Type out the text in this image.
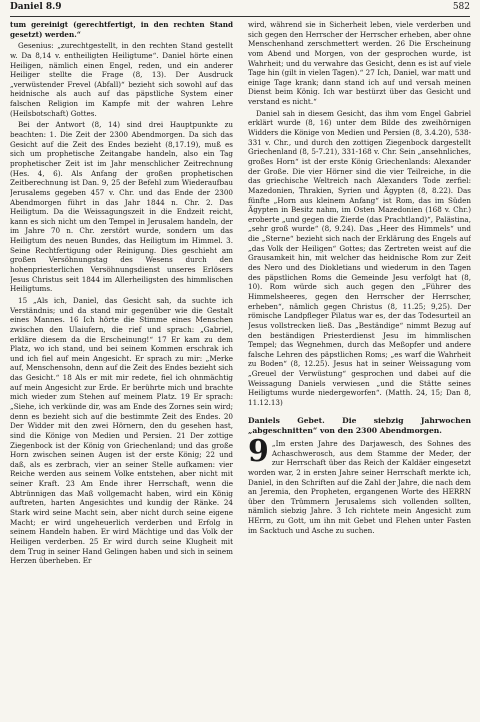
Daniel 8.9	582

tum gereinigt (gerechtfertigt, in den rechten Stand gesetzt) werden.“

Gesenius: „zurechtgestellt, in den rechten Stand gestellt w. Da 8,14 v. entheiligten Heiligtume“. Daniel hörte einen Heiligen, nämlich einen Engel, reden, und ein anderer Heiliger stellte die Frage (8, 13). Der Ausdruck „verwüstender Frevel (Abfall)“ bezieht sich sowohl auf das heidnische als auch auf das päpstliche System einer falschen Religion im Kampfe mit der wahren Lehre (Heilsbotschaft) Gottes.

Bei der Antwort (8, 14) sind drei Hauptpunkte zu beachten: 1. Die Zeit der 2300 Abendmorgen. Da sich das Gesicht auf die Zeit des Endes bezieht (8,17.19), muß es sich um prophetische Zeitangabe handeln, also ein Tag prophetischer Zeit ist im Jahr menschlicher Zeitrechnung (Hes. 4, 6). Als Anfang der großen prophetischen Zeitberechnung ist Dan. 9, 25 der Befehl zum Wiederaufbau Jerusalems gegeben 457 v. Chr. und das Ende der 2300 Abendmorgen führt in das Jahr 1844 n. Chr. 2. Das Heiligtum. Da die Weissagungszeit in die Endzeit reicht, kann es sich nicht um den Tempel in Jerusalem handeln, der im Jahre 70 n. Chr. zerstört wurde, sondern um das Heiligtum des neuen Bundes, das Heiligtum im Himmel. 3. Seine Rechtfertigung oder Reinigung. Dies geschieht am großen Versöhnungstag des Wesens durch den hohenpriesterlichen Versöhnungsdienst unseres Erlösers Jesus Christus seit 1844 im Allerheiligsten des himmlischen Heiligtums.

15 „Als ich, Daniel, das Gesicht sah, da suchte ich Verständnis; und da stand mir gegenüber wie die Gestalt eines Mannes. 16 Ich hörte die Stimme eines Menschen zwischen den Ulaiufern, die rief und sprach: „Gabriel, erkläre diesem da die Erscheinung!“ 17 Er kam zu dem Platz, wo ich stand, und bei seinem Kommen erschrak ich und ich fiel auf mein Angesicht. Er sprach zu mir: „Merke auf, Menschensohn, denn auf die Zeit des Endes bezieht sich das Gesicht.“ 18 Als er mit mir redete, fiel ich ohnmächtig auf mein Angesicht zur Erde. Er berührte mich und brachte mich wieder zum Stehen auf meinem Platz. 19 Er sprach: „Siehe, ich verkünde dir, was am Ende des Zornes sein wird; denn es bezieht sich auf die bestimmte Zeit des Endes. 20 Der Widder mit den zwei Hörnern, den du gesehen hast, sind die Könige von Medien und Persien. 21 Der zottige Ziegenbock ist der König von Griechenland; und das große Horn zwischen seinen Augen ist der erste König; 22 und daß, als es zerbrach, vier an seiner Stelle aufkamen: vier Reiche werden aus seinem Volke entstehen, aber nicht mit seiner Kraft. 23 Am Ende ihrer Herrschaft, wenn die Abtrünnigen das Maß vollgemacht haben, wird ein König auftreten, harten Angesichtes und kundig der Ränke. 24 Stark wird seine Macht sein, aber nicht durch seine eigene Macht; er wird ungeheuerlich verderben und Erfolg in seinem Handeln haben. Er wird Mächtige und das Volk der Heiligen verderben. 25 Er wird durch seine Klugheit mit dem Trug in seiner Hand Gelingen haben und sich in seinem Herzen überheben. Er

wird, während sie in Sicherheit leben, viele verderben und sich gegen den Herrscher der Herrscher erheben, aber ohne Menschenhand zerschmettert werden. 26 Die Erscheinung vom Abend und Morgen, von der gesprochen wurde, ist Wahrheit; und du verwahre das Gesicht, denn es ist auf viele Tage hin (gilt in vielen Tagen).“ 27 Ich, Daniel, war matt und einige Tage krank; dann stand ich auf und versah meinen Dienst beim König. Ich war bestürzt über das Gesicht und verstand es nicht.“

Daniel sah in diesem Gesicht, das ihm vom Engel Gabriel erklärt wurde (8, 16) unter dem Bilde des zweihörnigen Widders die Könige von Medien und Persien (8, 3.4.20), 538-331 v. Chr., und durch den zottigen Ziegenbock dargestellt Griechenland (8, 5-7.21), 331-168 v. Chr. Sein „ansehnliches, großes Horn“ ist der erste König Griechenlands: Alexander der Große. Die vier Hörner sind die vier Teilreiche, in die das griechische Weltreich nach Alexanders Tode zerfiel: Mazedonien, Thrakien, Syrien und Ägypten (8, 8.22). Das fünfte „Horn aus kleinem Anfang“ ist Rom, das im Süden Ägypten in Besitz nahm, im Osten Mazedonien (168 v. Chr.) eroberte „und gegen die Zierde (das Prachtland)“, Palästina, „sehr groß wurde“ (8, 9.24). Das „Heer des Himmels“ und die „Sterne“ bezieht sich nach der Erklärung des Engels auf „das Volk der Heiligen“ Gottes; das Zertreten weist auf die Grausamkeit hin, mit welcher das heidnische Rom zur Zeit des Nero und des Diokletians und wiederum in den Tagen des päpstlichen Roms die Gemeinde Jesu verfolgt hat (8, 10). Rom würde sich auch gegen den „Führer des Himmelsheeres, gegen den Herrscher der Herrscher, erheben“, nämlich gegen Christus (8, 11.25; 9,25). Der römische Landpfleger Pilatus war es, der das Todesurteil an Jesus vollstrecken ließ. Das „Beständige“ nimmt Bezug auf den beständigen Priesterdienst Jesu im himmlischen Tempel; das Wegnehmen, durch das Meßopfer und andere falsche Lehren des päpstlichen Roms; „es warf die Wahrheit zu Boden“ (8, 12.25). Jesus hat in seiner Weissagung vom „Greuel der Verwüstung“ gesprochen und dabei auf die Weissagung Daniels verwiesen „und die Stätte seines Heiligtums wurde niedergeworfen“. (Matth. 24, 15; Dan 8, 11.12.13)

Daniels Gebet. Die siebzig Jahrwochen „abgeschnitten“ von den 2300 Abendmorgen.

9 „Im ersten Jahre des Darjawesch, des Sohnes des Achaschwerosch, aus dem Stamme der Meder, der zur Herrschaft über das Reich der Kaldäer eingesetzt worden war, 2 in ersten Jahre seiner Herrschaft merkte ich, Daniel, in den Schriften auf die Zahl der Jahre, die nach dem an Jeremia, den Propheten, ergangenen Worte des HERRN über den Trümmern Jerusalems sich vollenden sollten, nämlich siebzig Jahre. 3 Ich richtete mein Angesicht zum HErrn, zu Gott, um ihn mit Gebet und Flehen unter Fasten im Sacktuch und Asche zu suchen.
